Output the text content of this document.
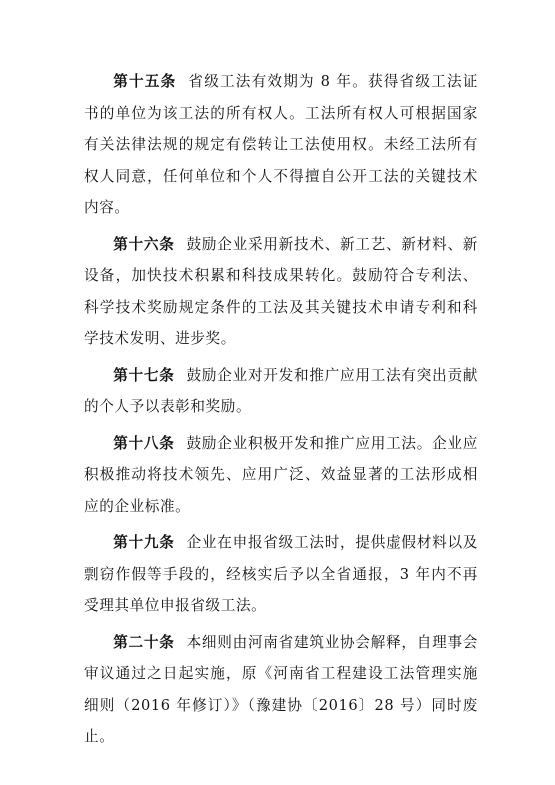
第十五条 省级工法有效期为 8 年。获得省级工法证书的单位为该工法的所有权人。工法所有权人可根据国家有关法律法规的规定有偿转让工法使用权。未经工法所有权人同意，任何单位和个人不得擅自公开工法的关键技术内容。

第十六条 鼓励企业采用新技术、新工艺、新材料、新设备，加快技术积累和科技成果转化。鼓励符合专利法、科学技术奖励规定条件的工法及其关键技术申请专利和科学技术发明、进步奖。

第十七条 鼓励企业对开发和推广应用工法有突出贡献的个人予以表彰和奖励。

第十八条 鼓励企业积极开发和推广应用工法。企业应积极推动将技术领先、应用广泛、效益显著的工法形成相应的企业标准。

第十九条 企业在申报省级工法时，提供虚假材料以及剽窃作假等手段的，经核实后予以全省通报，3 年内不再受理其单位申报省级工法。

第二十条 本细则由河南省建筑业协会解释，自理事会审议通过之日起实施，原《河南省工程建设工法管理实施细则（2016 年修订）》（豫建协〔2016〕28 号）同时废止。
